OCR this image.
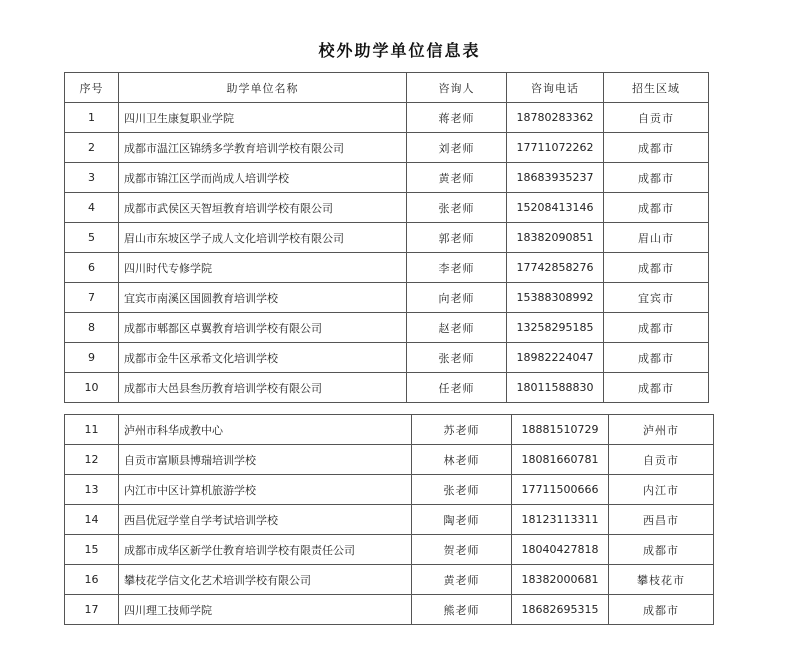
校外助学单位信息表
序号	助学单位名称	咨询人	咨询电话	招生区域
1	四川卫生康复职业学院	蒋老师	18780283362	自贡市
2	成都市温江区锦绣多学教育培训学校有限公司	刘老师	17711072262	成都市
3	成都市锦江区学而尚成人培训学校	黄老师	18683935237	成都市
4	成都市武侯区天智垣教育培训学校有限公司	张老师	15208413146	成都市
5	眉山市东坡区学子成人文化培训学校有限公司	郭老师	18382090851	眉山市
6	四川时代专修学院	李老师	17742858276	成都市
7	宜宾市南溪区国圆教育培训学校	向老师	15388308992	宜宾市
8	成都市郫都区卓翼教育培训学校有限公司	赵老师	13258295185	成都市
9	成都市金牛区承希文化培训学校	张老师	18982224047	成都市
10	成都市大邑县叁历教育培训学校有限公司	任老师	18011588830	成都市
11	泸州市科华成教中心	苏老师	18881510729	泸州市
12	自贡市富顺县博瑞培训学校	林老师	18081660781	自贡市
13	内江市中区计算机旅游学校	张老师	17711500666	内江市
14	西昌优冠学堂自学考试培训学校	陶老师	18123113311	西昌市
15	成都市成华区新学仕教育培训学校有限责任公司	贺老师	18040427818	成都市
16	攀枝花学信文化艺术培训学校有限公司	黄老师	18382000681	攀枝花市
17	四川理工技师学院	熊老师	18682695315	成都市
